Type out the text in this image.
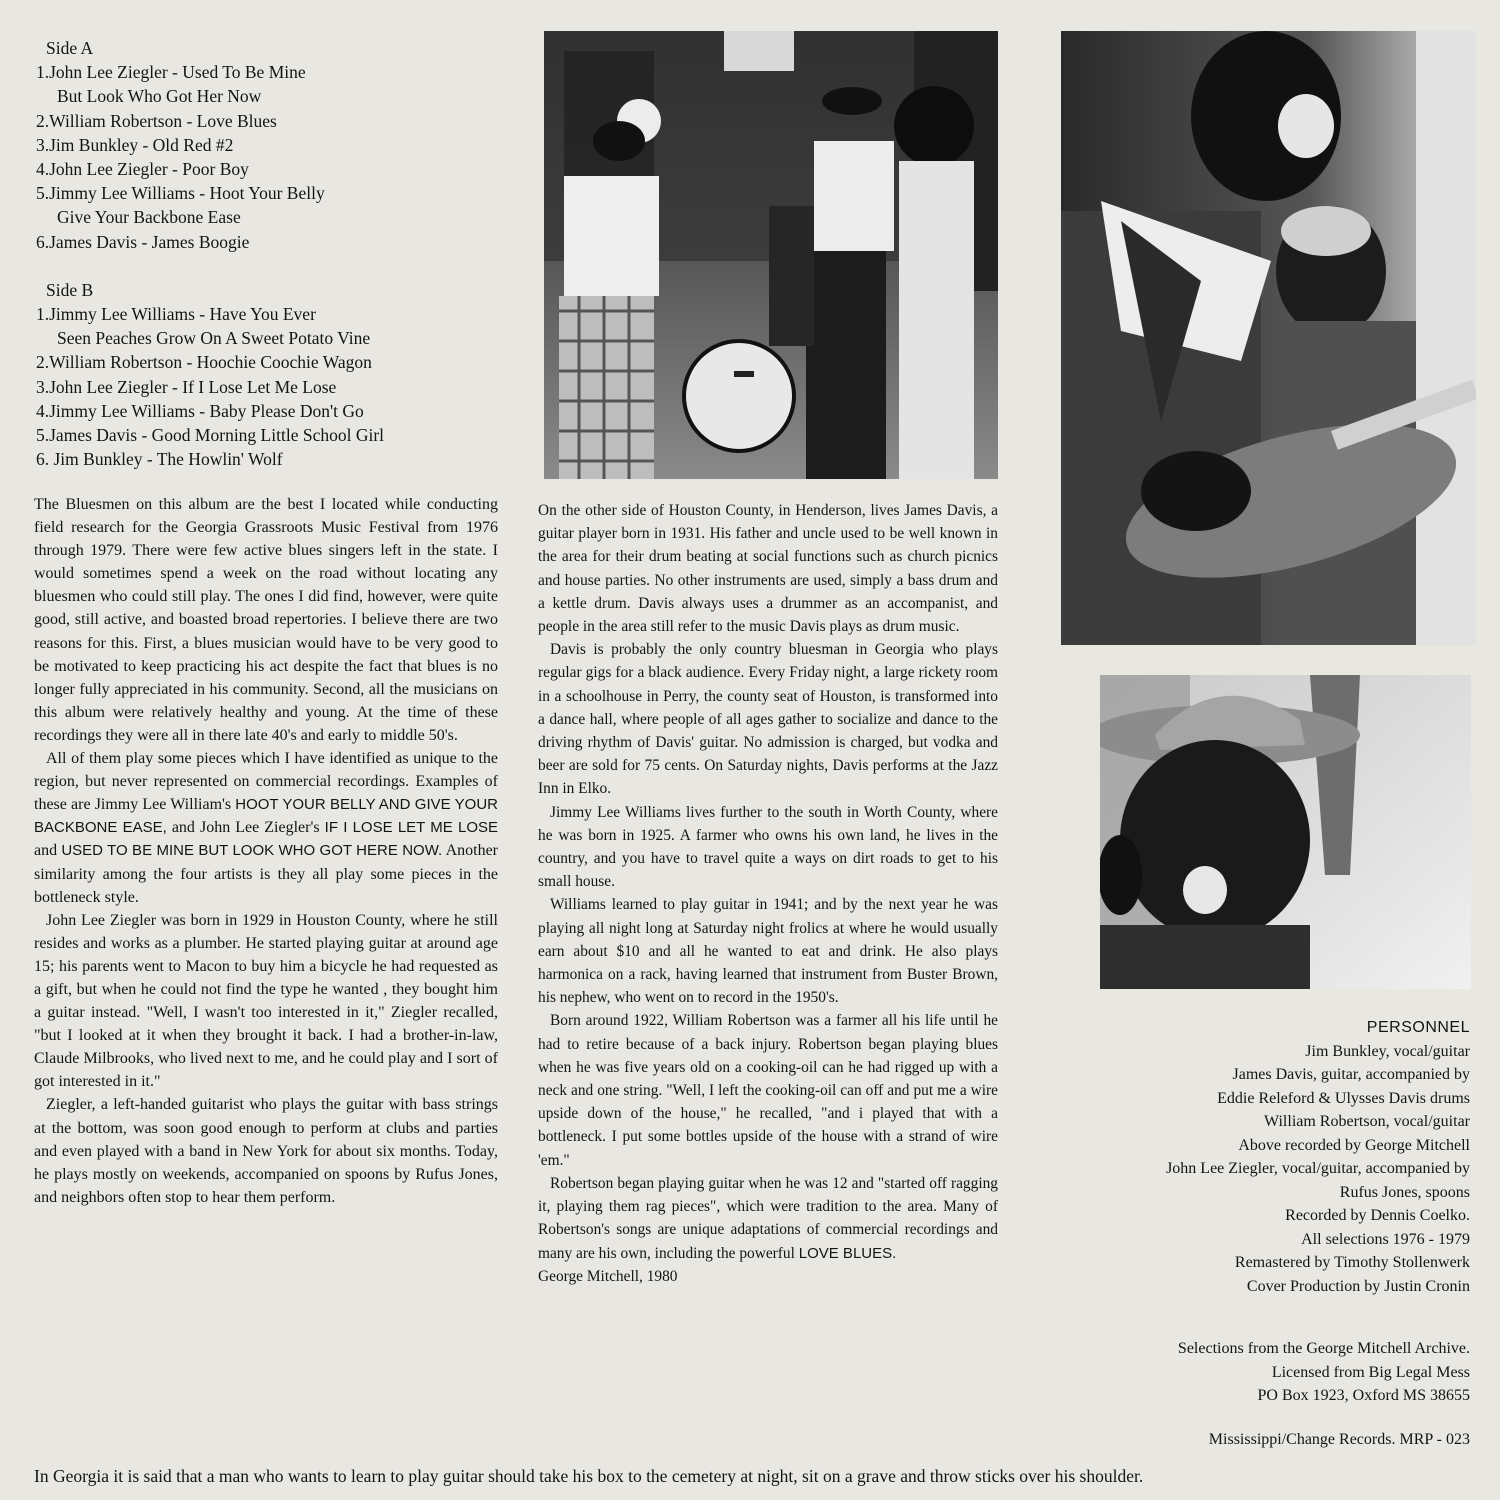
Side A
1.John Lee Ziegler - Used To Be Mine
But Look Who Got Her Now
2.William Robertson - Love Blues
3.Jim Bunkley - Old Red #2
4.John Lee Ziegler - Poor Boy
5.Jimmy Lee Williams - Hoot Your Belly
Give Your Backbone Ease
6.James Davis - James Boogie
Side B
1.Jimmy Lee Williams - Have You Ever
Seen Peaches Grow On A Sweet Potato Vine
2.William Robertson - Hoochie Coochie Wagon
3.John Lee Ziegler - If I Lose Let Me Lose
4.Jimmy Lee Williams - Baby Please Don't Go
5.James Davis - Good Morning Little School Girl
6. Jim Bunkley - The Howlin' Wolf

The Bluesmen on this album are the best I located while conducting field research for the Georgia Grassroots Music Festival from 1976 through 1979. There were few active blues singers left in the state. I would sometimes spend a week on the road without locating any bluesmen who could still play. The ones I did find, however, were quite good, still active, and boasted broad repertories. I believe there are two reasons for this. First, a blues musician would have to be very good to be motivated to keep practicing his act despite the fact that blues is no longer fully appreciated in his community. Second, all the musicians on this album were relatively healthy and young. At the time of these recordings they were all in there late 40's and early to middle 50's.

All of them play some pieces which I have identified as unique to the region, but never represented on commercial recordings. Examples of these are Jimmy Lee William's HOOT YOUR BELLY AND GIVE YOUR BACKBONE EASE, and John Lee Ziegler's IF I LOSE LET ME LOSE and USED TO BE MINE BUT LOOK WHO GOT HERE NOW. Another similarity among the four artists is they all play some pieces in the bottleneck style.

John Lee Ziegler was born in 1929 in Houston County, where he still resides and works as a plumber. He started playing guitar at around age 15; his parents went to Macon to buy him a bicycle he had requested as a gift, but when he could not find the type he wanted , they bought him a guitar instead. "Well, I wasn't too interested in it," Ziegler recalled, "but I looked at it when they brought it back. I had a brother-in-law, Claude Milbrooks, who lived next to me, and he could play and I sort of got interested in it."

Ziegler, a left-handed guitarist who plays the guitar with bass strings at the bottom, was soon good enough to perform at clubs and parties and even played with a band in New York for about six months. Today, he plays mostly on weekends, accompanied on spoons by Rufus Jones, and neighbors often stop to hear them perform.

On the other side of Houston County, in Henderson, lives James Davis, a guitar player born in 1931. His father and uncle used to be well known in the area for their drum beating at social functions such as church picnics and house parties. No other instruments are used, simply a bass drum and a kettle drum. Davis always uses a drummer as an accompanist, and people in the area still refer to the music Davis plays as drum music.

Davis is probably the only country bluesman in Georgia who plays regular gigs for a black audience. Every Friday night, a large rickety room in a schoolhouse in Perry, the county seat of Houston, is transformed into a dance hall, where people of all ages gather to socialize and dance to the driving rhythm of Davis' guitar. No admission is charged, but vodka and beer are sold for 75 cents. On Saturday nights, Davis performs at the Jazz Inn in Elko.

Jimmy Lee Williams lives further to the south in Worth County, where he was born in 1925. A farmer who owns his own land, he lives in the country, and you have to travel quite a ways on dirt roads to get to his small house.

Williams learned to play guitar in 1941; and by the next year he was playing all night long at Saturday night frolics at where he would usually earn about $10 and all he wanted to eat and drink. He also plays harmonica on a rack, having learned that instrument from Buster Brown, his nephew, who went on to record in the 1950's.

Born around 1922, William Robertson was a farmer all his life until he had to retire because of a back injury. Robertson began playing blues when he was five years old on a cooking-oil can he had rigged up with a neck and one string. "Well, I left the cooking-oil can off and put me a wire upside down of the house," he recalled, "and i played that with a bottleneck. I put some bottles upside of the house with a strand of wire 'em."

Robertson began playing guitar when he was 12 and "started off ragging it, playing them rag pieces", which were tradition to the area. Many of Robertson's songs are unique adaptations of commercial recordings and many are his own, including the powerful LOVE BLUES.

George Mitchell, 1980

PERSONNEL
Jim Bunkley, vocal/guitar
James Davis, guitar, accompanied by
Eddie Releford & Ulysses Davis drums
William Robertson, vocal/guitar
Above recorded by George Mitchell
John Lee Ziegler, vocal/guitar, accompanied by
Rufus Jones, spoons
Recorded by Dennis Coelko.
All selections 1976 - 1979
Remastered by Timothy Stollenwerk
Cover Production by Justin Cronin
Selections from the George Mitchell Archive.
Licensed from Big Legal Mess
PO Box 1923, Oxford MS 38655
Mississippi/Change Records. MRP - 023
In Georgia it is said that a man who wants to learn to play guitar should take his box to the cemetery at night, sit on a grave and throw sticks over his shoulder.
